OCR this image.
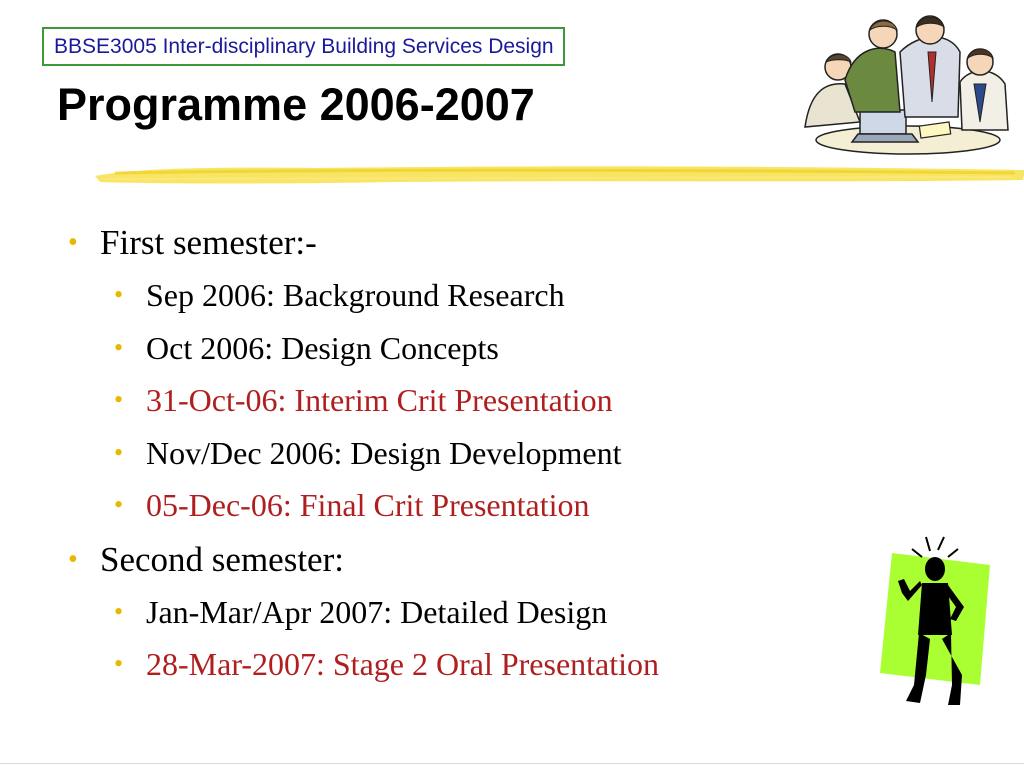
BBSE3005 Inter-disciplinary Building Services Design
Programme 2006-2007
• First semester:-
• Sep 2006: Background Research
• Oct 2006: Design Concepts
• 31-Oct-06: Interim Crit Presentation
• Nov/Dec 2006: Design Development
• 05-Dec-06: Final Crit Presentation
• Second semester:
• Jan-Mar/Apr 2007: Detailed Design
• 28-Mar-2007: Stage 2 Oral Presentation
